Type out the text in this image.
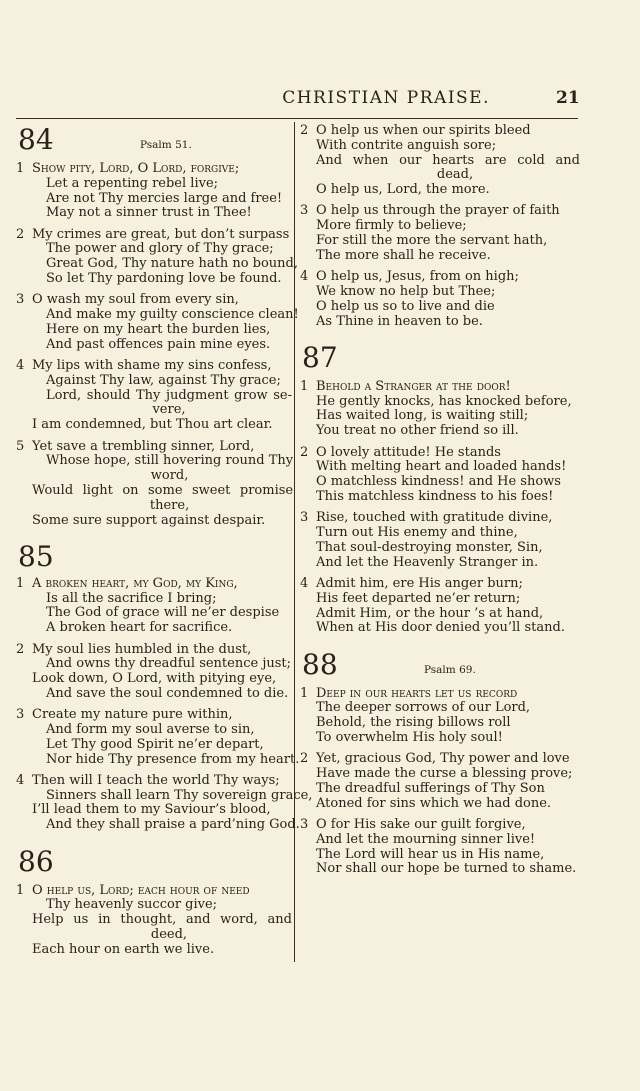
CHRISTIAN PRAISE.	21
84	Psalm 51.
1 Show pity, Lord, O Lord, forgive;
Let a repenting rebel live;
Are not Thy mercies large and free!
May not a sinner trust in Thee!
2 My crimes are great, but don’t surpass
The power and glory of Thy grace;
Great God, Thy nature hath no bound,
So let Thy pardoning love be found.
3 O wash my soul from every sin,
And make my guilty conscience clean!
Here on my heart the burden lies,
And past offences pain mine eyes.
4 My lips with shame my sins confess,
Against Thy law, against Thy grace;
Lord, should Thy judgment grow se-
vere,
I am condemned, but Thou art clear.
5 Yet save a trembling sinner, Lord,
Whose hope, still hovering round Thy
word,
Would light on some sweet promise
there,
Some sure support against despair.
85
1 A broken heart, my God, my King,
Is all the sacrifice I bring;
The God of grace will ne’er despise
A broken heart for sacrifice.
2 My soul lies humbled in the dust,
And owns thy dreadful sentence just;
Look down, O Lord, with pitying eye,
And save the soul condemned to die.
3 Create my nature pure within,
And form my soul averse to sin,
Let Thy good Spirit ne’er depart,
Nor hide Thy presence from my heart.
4 Then will I teach the world Thy ways;
Sinners shall learn Thy sovereign grace,
I’ll lead them to my Saviour’s blood,
And they shall praise a pard’ning God.
86
1 O help us, Lord; each hour of need
Thy heavenly succor give;
Help us in thought, and word, and
deed,
Each hour on earth we live.
2 O help us when our spirits bleed
With contrite anguish sore;
And when our hearts are cold and
dead,
O help us, Lord, the more.
3 O help us through the prayer of faith
More firmly to believe;
For still the more the servant hath,
The more shall he receive.
4 O help us, Jesus, from on high;
We know no help but Thee;
O help us so to live and die
As Thine in heaven to be.
87
1 Behold a Stranger at the door!
He gently knocks, has knocked before,
Has waited long, is waiting still;
You treat no other friend so ill.
2 O lovely attitude! He stands
With melting heart and loaded hands!
O matchless kindness! and He shows
This matchless kindness to his foes!
3 Rise, touched with gratitude divine,
Turn out His enemy and thine,
That soul-destroying monster, Sin,
And let the Heavenly Stranger in.
4 Admit him, ere His anger burn;
His feet departed ne’er return;
Admit Him, or the hour ’s at hand,
When at His door denied you’ll stand.
88	Psalm 69.
1 Deep in our hearts let us record
The deeper sorrows of our Lord,
Behold, the rising billows roll
To overwhelm His holy soul!
2 Yet, gracious God, Thy power and love
Have made the curse a blessing prove;
The dreadful sufferings of Thy Son
Atoned for sins which we had done.
3 O for His sake our guilt forgive,
And let the mourning sinner live!
The Lord will hear us in His name,
Nor shall our hope be turned to shame.
